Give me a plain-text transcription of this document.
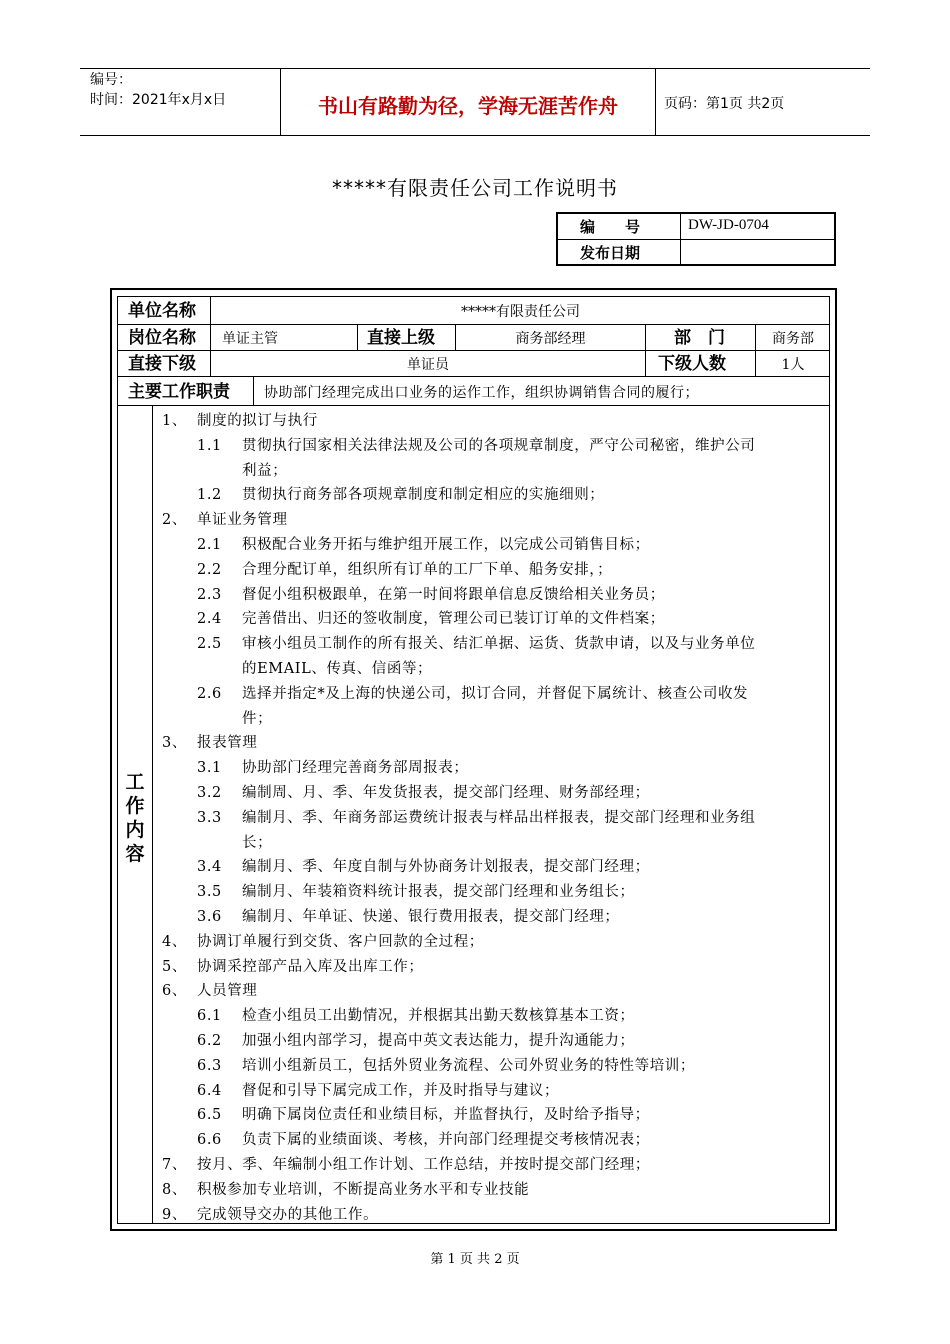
编号：
时间：2021年x月x日	书山有路勤为径，学海无涯苦作舟	页码：第1页 共2页
*****有限责任公司工作说明书
编　　号	DW-JD-0704
发布日期
单位名称	*****有限责任公司
岗位名称 单证主管	直接上级	商务部经理	部　门	商务部
直接下级	单证员	下级人数	1人
主要工作职责 协助部门经理完成出口业务的运作工作，组织协调销售合同的履行；
工作内容
1、 制度的拟订与执行
1.1 贯彻执行国家相关法律法规及公司的各项规章制度，严守公司秘密，维护公司
利益；
1.2 贯彻执行商务部各项规章制度和制定相应的实施细则；
2、 单证业务管理
2.1 积极配合业务开拓与维护组开展工作，以完成公司销售目标；
2.2 合理分配订单，组织所有订单的工厂下单、船务安排，；
2.3 督促小组积极跟单，在第一时间将跟单信息反馈给相关业务员；
2.4 完善借出、归还的签收制度，管理公司已装订订单的文件档案；
2.5 审核小组员工制作的所有报关、结汇单据、运货、货款申请，以及与业务单位
的EMAIL、传真、信函等；
2.6 选择并指定*及上海的快递公司，拟订合同，并督促下属统计、核查公司收发
件；
3、 报表管理
3.1 协助部门经理完善商务部周报表；
3.2 编制周、月、季、年发货报表，提交部门经理、财务部经理；
3.3 编制月、季、年商务部运费统计报表与样品出样报表，提交部门经理和业务组
长；
3.4 编制月、季、年度自制与外协商务计划报表，提交部门经理；
3.5 编制月、年装箱资料统计报表，提交部门经理和业务组长；
3.6 编制月、年单证、快递、银行费用报表，提交部门经理；
4、 协调订单履行到交货、客户回款的全过程；
5、 协调采控部产品入库及出库工作；
6、 人员管理
6.1 检查小组员工出勤情况，并根据其出勤天数核算基本工资；
6.2 加强小组内部学习，提高中英文表达能力，提升沟通能力；
6.3 培训小组新员工，包括外贸业务流程、公司外贸业务的特性等培训；
6.4 督促和引导下属完成工作，并及时指导与建议；
6.5 明确下属岗位责任和业绩目标，并监督执行，及时给予指导；
6.6 负责下属的业绩面谈、考核，并向部门经理提交考核情况表；
7、 按月、季、年编制小组工作计划、工作总结，并按时提交部门经理；
8、 积极参加专业培训，不断提高业务水平和专业技能
9、 完成领导交办的其他工作。
第 1 页 共 2 页
